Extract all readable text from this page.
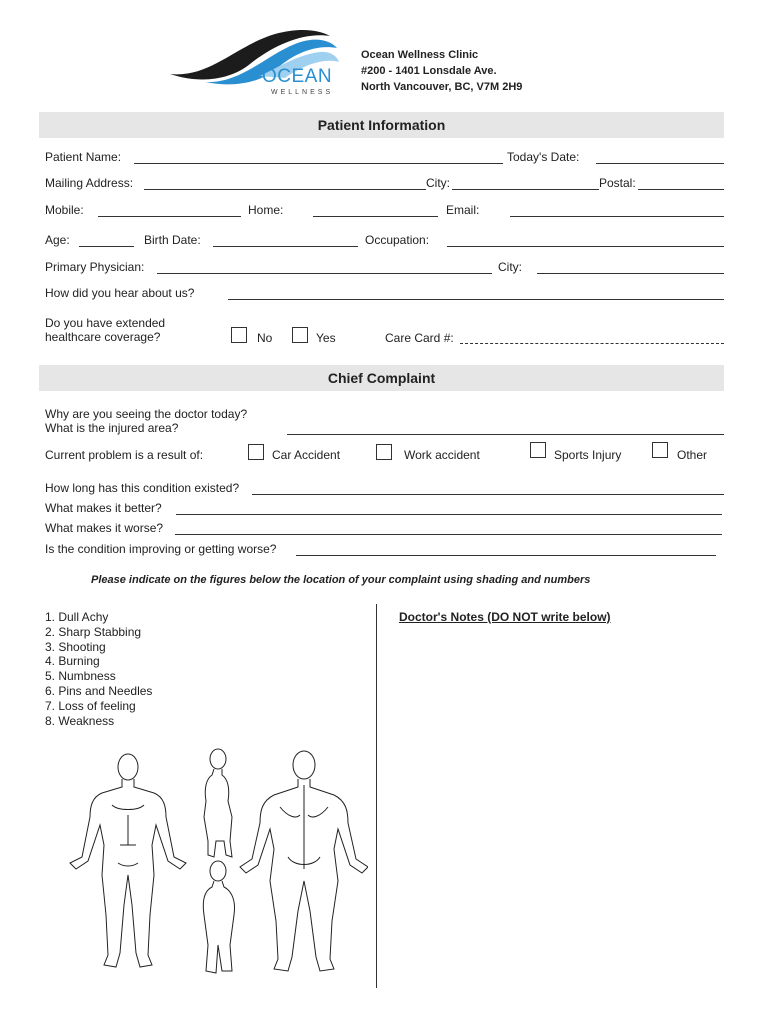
OCEAN
WELLNESS
Ocean Wellness Clinic
#200 - 1401 Lonsdale Ave.
North Vancouver, BC, V7M 2H9
Patient Information
Patient Name:	Today's Date:
Mailing Address:	City:	Postal:
Mobile:	Home:	Email:
Age:	Birth Date:	Occupation:
Primary Physician:	City:
How did you hear about us?
Do you have extended
healthcare coverage?	No	Yes	Care Card #:
Chief Complaint
Why are you seeing the doctor today?
What is the injured area?
Current problem is a result of:	Car Accident	Work accident	Sports Injury	Other
How long has this condition existed?
What makes it better?
What makes it worse?
Is the condition improving or getting worse?
Please indicate on the figures below the location of your complaint using shading and numbers
1. Dull Achy
2. Sharp Stabbing
3. Shooting
4. Burning
5. Numbness
6. Pins and Needles
7. Loss of feeling
8. Weakness
Doctor's Notes (DO NOT write below)
